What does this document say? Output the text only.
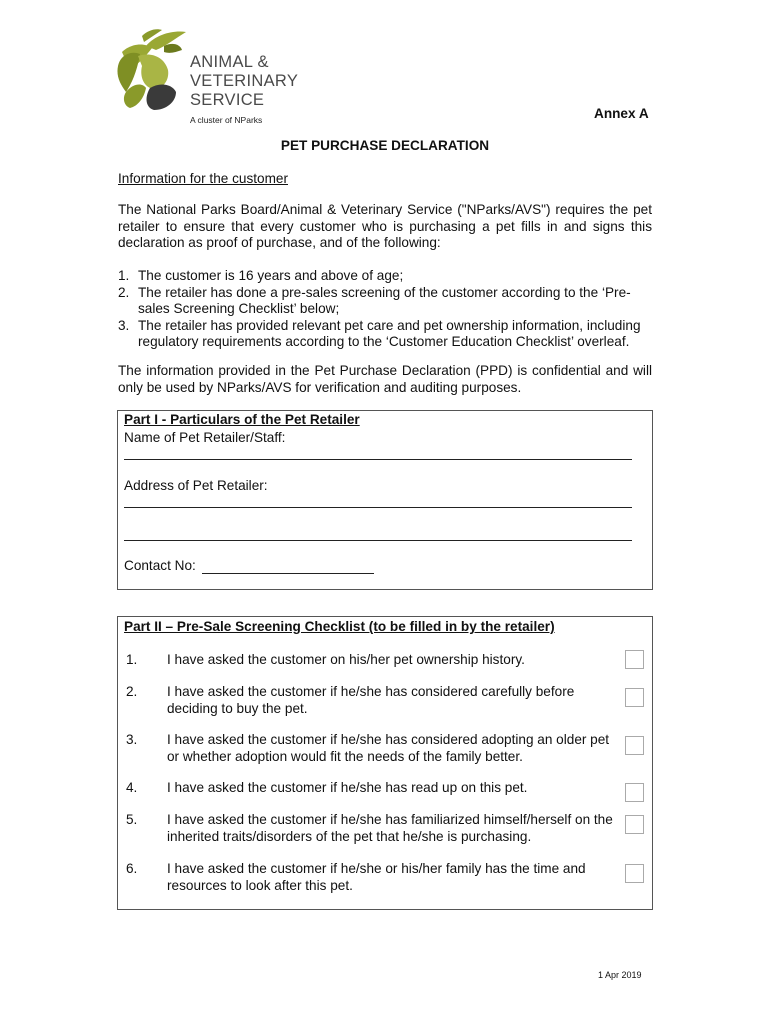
ANIMAL &
VETERINARY
SERVICE
A cluster of NParks	Annex A
PET PURCHASE DECLARATION
Information for the customer
The National Parks Board/Animal & Veterinary Service ("NParks/AVS") requires the pet retailer to ensure that every customer who is purchasing a pet fills in and signs this declaration as proof of purchase, and of the following:
1. The customer is 16 years and above of age;
2. The retailer has done a pre-sales screening of the customer according to the ‘Pre-sales Screening Checklist’ below;
3. The retailer has provided relevant pet care and pet ownership information, including regulatory requirements according to the ‘Customer Education Checklist’ overleaf.
The information provided in the Pet Purchase Declaration (PPD) is confidential and will only be used by NParks/AVS for verification and auditing purposes.
Part I - Particulars of the Pet Retailer
Name of Pet Retailer/Staff:
Address of Pet Retailer:
Contact No:
Part II – Pre-Sale Screening Checklist (to be filled in by the retailer)
1. I have asked the customer on his/her pet ownership history.
2. I have asked the customer if he/she has considered carefully before deciding to buy the pet.
3. I have asked the customer if he/she has considered adopting an older pet or whether adoption would fit the needs of the family better.
4. I have asked the customer if he/she has read up on this pet.
5. I have asked the customer if he/she has familiarized himself/herself on the inherited traits/disorders of the pet that he/she is purchasing.
6. I have asked the customer if he/she or his/her family has the time and resources to look after this pet.
1 Apr 2019
